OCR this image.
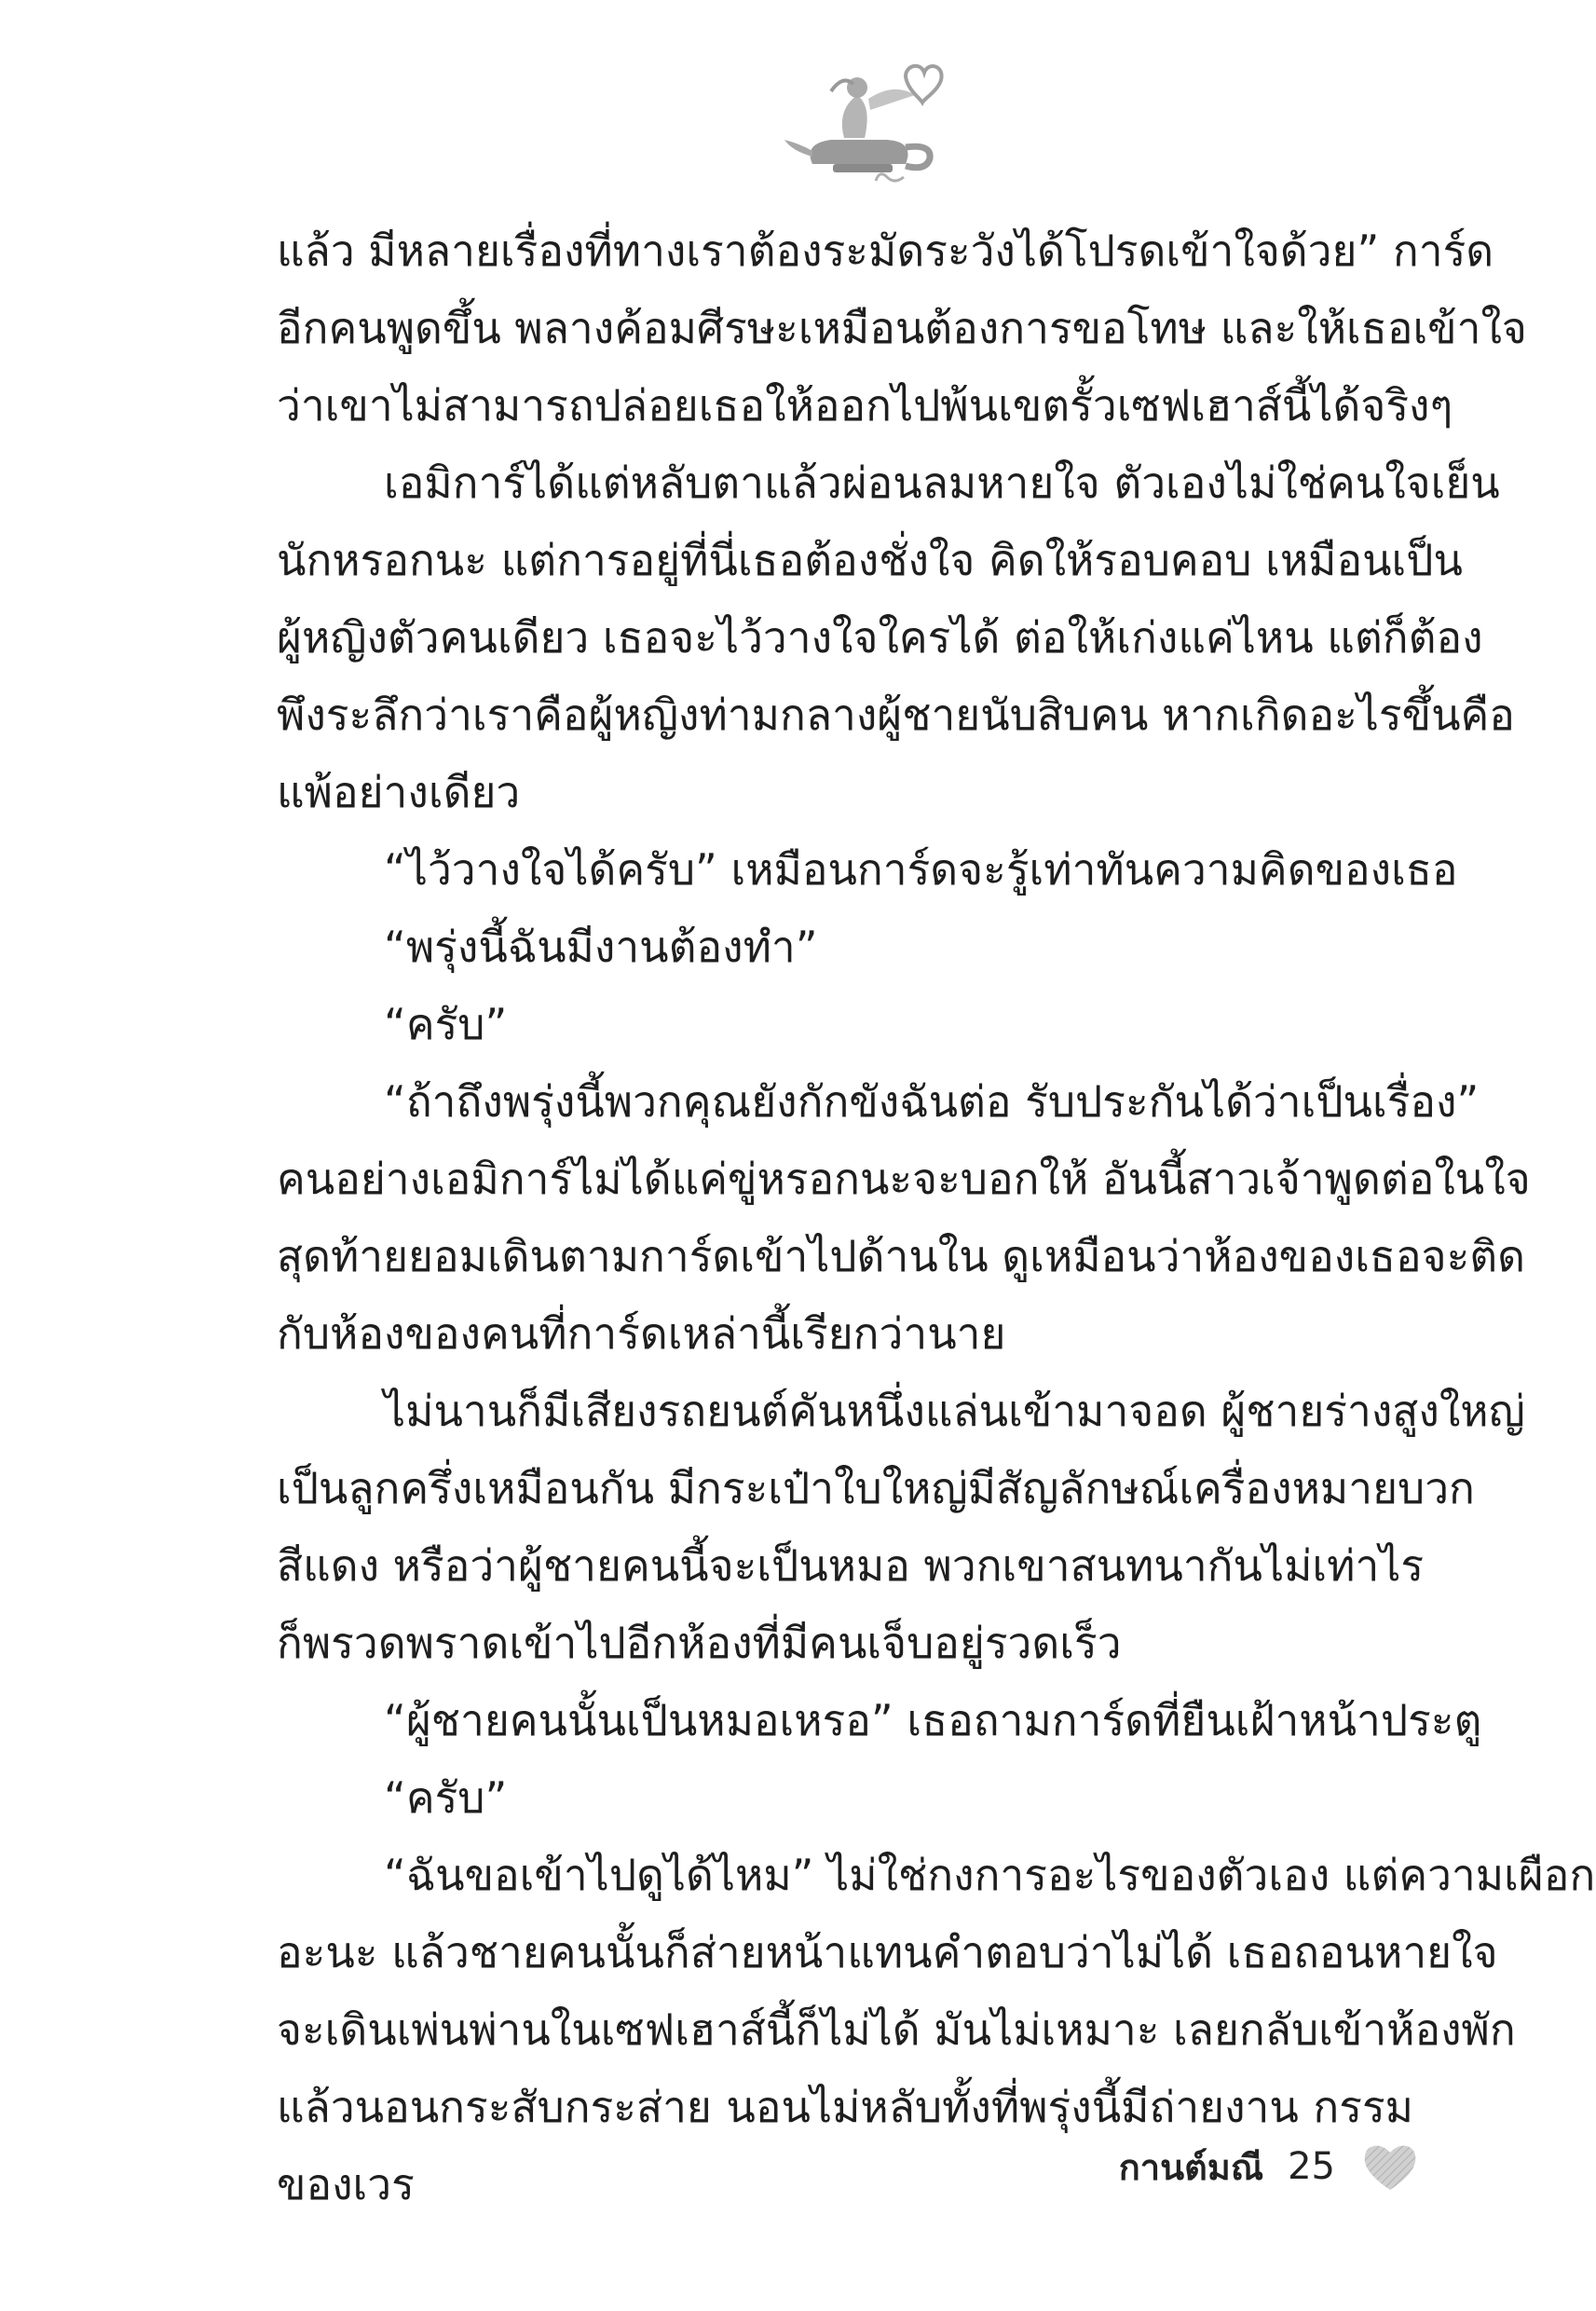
แล้ว มีหลายเรื่องที่ทางเราต้องระมัดระวังได้โปรดเข้าใจด้วย” การ์ด
อีกคนพูดขึ้น พลางค้อมศีรษะเหมือนต้องการขอโทษ และให้เธอเข้าใจ
ว่าเขาไม่สามารถปล่อยเธอให้ออกไปพ้นเขตรั้วเซฟเฮาส์นี้ได้จริงๆ

เอมิการ์ได้แต่หลับตาแล้วผ่อนลมหายใจ ตัวเองไม่ใช่คนใจเย็น
นักหรอกนะ แต่การอยู่ที่นี่เธอต้องชั่งใจ คิดให้รอบคอบ เหมือนเป็น
ผู้หญิงตัวคนเดียว เธอจะไว้วางใจใครได้ ต่อให้เก่งแค่ไหน แต่ก็ต้อง
พึงระลึกว่าเราคือผู้หญิงท่ามกลางผู้ชายนับสิบคน หากเกิดอะไรขึ้นคือ
แพ้อย่างเดียว

“ไว้วางใจได้ครับ” เหมือนการ์ดจะรู้เท่าทันความคิดของเธอ

“พรุ่งนี้ฉันมีงานต้องทำ”

“ครับ”

“ถ้าถึงพรุ่งนี้พวกคุณยังกักขังฉันต่อ รับประกันได้ว่าเป็นเรื่อง”
คนอย่างเอมิการ์ไม่ได้แค่ขู่หรอกนะจะบอกให้ อันนี้สาวเจ้าพูดต่อในใจ
สุดท้ายยอมเดินตามการ์ดเข้าไปด้านใน ดูเหมือนว่าห้องของเธอจะติด
กับห้องของคนที่การ์ดเหล่านี้เรียกว่านาย

ไม่นานก็มีเสียงรถยนต์คันหนึ่งแล่นเข้ามาจอด ผู้ชายร่างสูงใหญ่
เป็นลูกครึ่งเหมือนกัน มีกระเป๋าใบใหญ่มีสัญลักษณ์เครื่องหมายบวก
สีแดง หรือว่าผู้ชายคนนี้จะเป็นหมอ พวกเขาสนทนากันไม่เท่าไร
ก็พรวดพราดเข้าไปอีกห้องที่มีคนเจ็บอยู่รวดเร็ว

“ผู้ชายคนนั้นเป็นหมอเหรอ” เธอถามการ์ดที่ยืนเฝ้าหน้าประตู

“ครับ”

“ฉันขอเข้าไปดูได้ไหม” ไม่ใช่กงการอะไรของตัวเอง แต่ความเผือก
อะนะ แล้วชายคนนั้นก็ส่ายหน้าแทนคำตอบว่าไม่ได้ เธอถอนหายใจ
จะเดินเพ่นพ่านในเซฟเฮาส์นี้ก็ไม่ได้ มันไม่เหมาะ เลยกลับเข้าห้องพัก
แล้วนอนกระสับกระส่าย นอนไม่หลับทั้งที่พรุ่งนี้มีถ่ายงาน กรรม
ของเวร	กานต์มณี 25
